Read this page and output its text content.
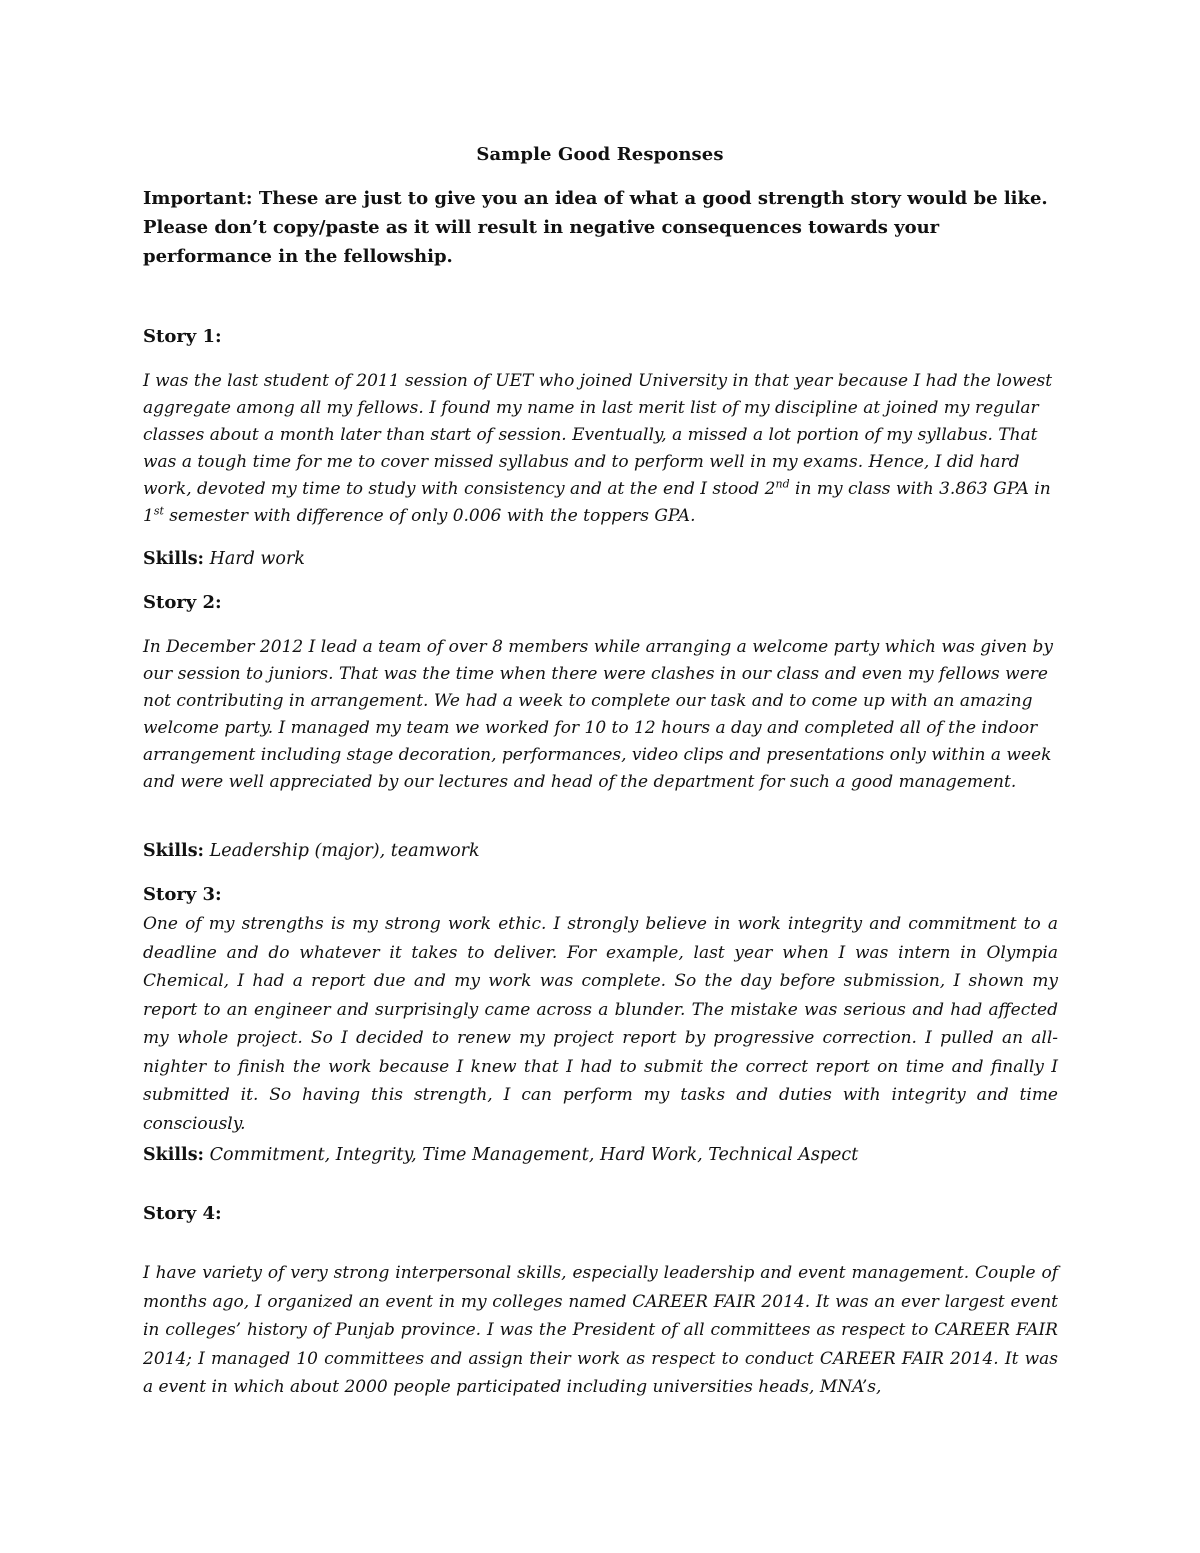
Sample Good Responses
Important: These are just to give you an idea of what a good strength story would be like. Please don’t copy/paste as it will result in negative consequences towards your performance in the fellowship.
Story 1:
I was the last student of 2011 session of UET who joined University in that year because I had the lowest aggregate among all my fellows. I found my name in last merit list of my discipline at joined my regular classes about a month later than start of session. Eventually, a missed a lot portion of my syllabus. That was a tough time for me to cover missed syllabus and to perform well in my exams. Hence, I did hard work, devoted my time to study with consistency and at the end I stood 2nd in my class with 3.863 GPA in 1st semester with difference of only 0.006 with the toppers GPA.
Skills: Hard work
Story 2:
In December 2012 I lead a team of over 8 members while arranging a welcome party which was given by our session to juniors. That was the time when there were clashes in our class and even my fellows were not contributing in arrangement. We had a week to complete our task and to come up with an amazing welcome party. I managed my team we worked for 10 to 12 hours a day and completed all of the indoor arrangement including stage decoration, performances, video clips and presentations only within a week and were well appreciated by our lectures and head of the department for such a good management.
Skills: Leadership (major), teamwork
Story 3:
One of my strengths is my strong work ethic. I strongly believe in work integrity and commitment to a deadline and do whatever it takes to deliver. For example, last year when I was intern in Olympia Chemical, I had a report due and my work was complete. So the day before submission, I shown my report to an engineer and surprisingly came across a blunder. The mistake was serious and had affected my whole project. So I decided to renew my project report by progressive correction. I pulled an all-nighter to finish the work because I knew that I had to submit the correct report on time and finally I submitted it. So having this strength, I can perform my tasks and duties with integrity and time consciously.
Skills: Commitment, Integrity, Time Management, Hard Work, Technical Aspect
Story 4:
I have variety of very strong interpersonal skills, especially leadership and event management. Couple of months ago, I organized an event in my colleges named CAREER FAIR 2014. It was an ever largest event in colleges’ history of Punjab province. I was the President of all committees as respect to CAREER FAIR 2014; I managed 10 committees and assign their work as respect to conduct CAREER FAIR 2014. It was a event in which about 2000 people participated including universities heads, MNA’s,
